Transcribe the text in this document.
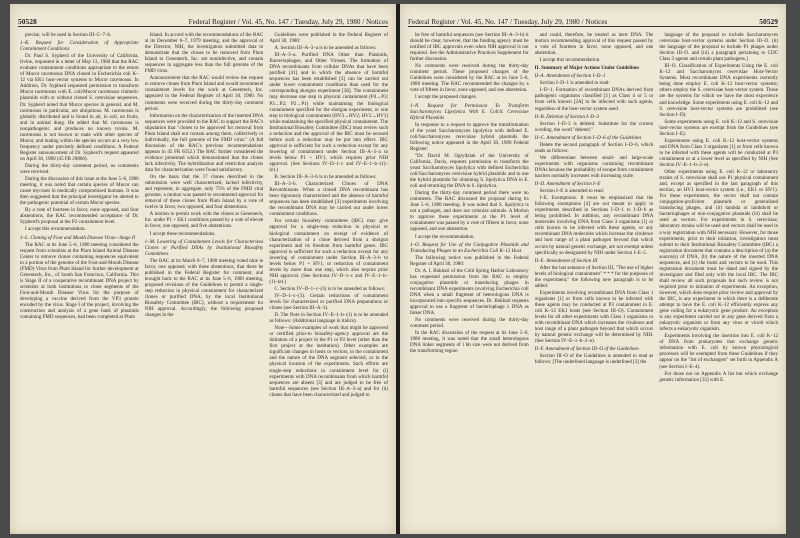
50528	Federal Register / Vol. 45, No. 147 / Tuesday, July 29, 1980 / Notices

precise, will be used in Section III–C–7–b.

1–K. Request for Consideration of Appropriate Containment Conditions

Dr. Paul S. Sypherd of the University of California, Irvine, requested in a letter of May 13, 1980 that the RAC evaluate containment conditions appropriate to the return of Mucor racemosus DNA cloned in Escherichia coli K–12 via EK1 host-vector systems to Mucor racemosus. In Addition, Dr. Sypherd requested permission to transform Mucor racemosus with E. coli/Mucor racemosus chimeric plasmids with or without cloned S. cerevisiae sequences. Dr. Sypherd noted that Mucor species in general, and M. racemosus in particular, are ubiquitous. M. racemosus is globally distributed and is found in air, in soil, on fruits, and in animal dung. He added that M. racemosus is nonpathogenic and produces no known toxins. M. racemosus is not known to mate with other species of Mucor, and mating within the species occurs at a very low frequency under precisely defined conditions. A Federal Register announcement of Dr. Sypherd's request appeared on April 30, 1980 (45 FR 28866).

During the thirty-day comment period, no comments were received.

During the discussion of this issue at the June 5–6, 1980 meeting, it was noted that certain species of Mucor can cause mycoses in medically compromised humans. It was then suggested that the principal investigator be alerted to the pathogenic potential of certain Mucor species.

By a vote of fourteen in favor, none opposed, and four abstentions, the RAC recommended acceptance of Dr. Sypherd's proposal at the P2 containment level.

I accept this recommendation.

1–L. Cloning of Foot and Mouth Disease Virus—Stage II

The RAC at its June 5–6, 1980 meeting considered the request from scientists at the Plum Island Animal Disease Center to remove clones containing sequences equivalent to a portion of the genome of the Foot-and-Mouth Disease (FMD) Virus from Plum Island for further development at Genentech, Inc., of South San Francisco, California. This is Stage II of a cooperative recombinant DNA project by scientists at both institutions to clone segments of the Foot-and-Mouth Disease Virus for the purpose of developing a vaccine derived from the VP3 protein encoded by the virus. Stage I of the project, involving the construction and analysis of a gene bank of plasmids containing FMD sequences, had been completed at Plum

Island. In accord with the recommendations of the RAC at its December 6–7, 1979 meeting, and the approval of the Director, NIH, the investigators submitted data to demonstrate that the clones to be removed from Plum Island to Genentech, Inc. are noninfective, and contain sequences in aggregate less than the full genome of the FMD virus.

Announcement that the RAC would review the request to remove clones from Plum Island and would recommend containment levels for the work at Genentech, Inc. appeared in the Federal Register of April 30, 1980. No comments were received during the thirty-day comment period.

Information on the characterization of the inserted DNA sequences were provided to the RAC to support the RAC's stipulation that "clones to be approved for removal from Plum Island shall not contain among them, collectively or individually, the full genome of the FMD virus." (A full discussion of the RAC's previous recommendations appears in 45 FR 6552.) The RAC further considered the evidence presented which demonstrated that the clones lack infectivity. The hybridization and restriction analysis data for characterization were found satisfactory.

On the basis that the 17 clones described in the submission were well characterized, lacked infectivity, and represent, in aggregate, only 75% of the FMD viral genome, a motion was passed to recommend approval for removal of these clones from Plum Island by a vote of twelve in favor, two opposed, and four abstentions.

A motion to permit work with the clones at Genentech, Inc. under P1 + EK1 conditions passed by a vote of eleven in favor, one opposed, and five abstentions.

I accept these recommendations.

1–M. Lowering of Containment Levels for Characterized Clones or Purified DNAs by Institutional Biosafety Committees

The RAC at its March 6–7, 1980 meeting voted nine in favor, one opposed, with three abstentions, that there be published in the Federal Register for comment, and brought back to the RAC at its June 5–6, 1980 meeting, proposed revisions of the Guidelines to permit a single-step reduction in physical containment for characterized clones or purified DNA, by the local Institutional Biosafety Committee (IBC), without a requirement for NIH approval. Accordingly, the following proposed changes in the

Guidelines were published in the Federal Register of April 30, 1980:

A. Section III–A–3–a is to be amended as follows:

III–A–3–a. Purified DNA Other than Plasmids, Bacteriophages, and Other Viruses. The formation of DNA recombinants from cellular DNAs that have been purified [41] and in which the absence of harmful sequences has been established [3] can be carried out under lower containment conditions than used for the corresponding shotgun experiment [36]. The containment may decrease one step in physical containment (P4→P3; P3→P2; P2→P1) while maintaining the biological containment specified for the shotgun experiment, or one step in biological containment (HV3→HV2; HV2→HV1) while maintaining the specified physical containment. The Institutional Biosafety Committee (IBC) must review such a reduction and the approval of the IBC must be secured before such a reduction may be put into effect. IBC approval is sufficient for such a reduction except for any lowering of containment under Section III–A–3–a to levels below P1 + HV1, which requires prior NIH approval. (See Sections IV–D–1–c and IV–E–1–b–(1)–(e).)

B. Section III–A–3–b is to be amended as follows:

III–A–3–b. Characterized Clones of DNA Recombinants. When a cloned DNA recombinant has been rigorously characterized and the absence of harmful sequences has been established [3] experiments involving the recombinant DNA may be carried out under lower containment conditions.

For certain biosafety committees (IBC) may give approval for a single-step reduction in physical or biological containment on receipt of evidence of characterization of a clone derived from a shotgun experiment and its freedom from harmful genes. IBC approval is sufficient for such a reduction except for any lowering of containment under Section III–A–3–b to levels below P1 + HV1, or reduction of containment levels by more than one step, which also require prior NIH approval. (See Sections IV–D–1–c and IV–E–1–b–(1)–(e).)

C. Section IV–D–1–c–(3) is to be amended as follows:

IV–D–1–c–(3). Certain reductions of containment levels for characterized or purified DNA preparations or clones (see Section III–A–3).

D. The Note in Section IV–E–1–b–(1) is to be amended as follows: (Additional language in italics).

Note—Some examples of work that might be approved or certified prior-to biosafety-agency approval are the initiation of a project in the P1 or P2 level (other than the first project at the institution). Other examples are significant changes in hosts or vectors, in the containment and the nature of the DNA segment selected, or in the physical location of the experiments. Such efforts are single-step reductions in containment level for (i) experiments with DNA recombinants from which harmful sequences are absent [3] and are judged to be free of harmful sequences (see Section III–A–3–a) and for (ii) clones that have been characterized and judged to

Federal Register / Vol. 45, No. 147 / Tuesday, July 29, 1980 / Notices	50529

be free of harmful sequences (see Section III–A–3–b) it should be clear, however, that the funding agency must be notified of IBC approvals even when NIH approval is not required. See the Administrative Practices Supplement for further discussion.

No comments were received during the thirty-day comment period. These proposed changes of the Guidelines were considered by the RAC at its June 5–6, 1980 meeting. The RAC recommended the changes by a vote of fifteen in favor, none opposed, and one abstention.

I accept the proposed changes.

1–N. Request for Permission To Transform Saccharomyces Lipolytica With E. Coli/S. Cerevisiae Hybrid Plasmids

In response to a request to approve the transformation of the yeast Saccharomyces lipolytica with defined E. coli/Saccharomyces cerevisiae hybrid plasmids the following notice appeared in the April 30, 1980 Federal Register:

"Dr. David M. Ogrydziak of the University of California, Davis, requests permission to transform the yeast Saccharomyces lipolytica with defined Escherichia coli/Saccharomyces cerevisiae hybrid plasmids and to use the hybrid plasmids for obtaining S. lipolytica DNA in E. coli and returning the DNA to S. lipolytica.

During the thirty-day comment period there were no comments. The RAC discussed the proposal during its June 5–6, 1980 meeting. It was noted that S. lipolytica is not a pathogen, and does not colonize animals. A Motion to approve these experiments at the P1 level of containment was passed by a vote of fifteen in favor, none opposed, and one abstention.

I accept the recommendation.

1–O. Request for Use of the Conjugative Plasmids and Transducing Phages in an Escherichia Coli K–12 Host.

The following notice was published in the Federal Register of April 30, 1980:

Dr. A. I. Bukhari of the Cold Spring Harbor Laboratory has requested permission from the RAC to employ conjugative plasmids or transducing phages in recombinant DNA experiments involving Escherichia coli DNA when a small fragment of heterologous DNA is incorporated into specific sequences. Dr. Bukhari requests approval to use a fragment of bacteriophage λ DNA as linker DNA.

No comments were received during the thirty-day comment period.

In the RAC discussion of the request at its June 5–6, 1980 meeting, it was noted that the small heterologous DNA linker segments of l kb size were not derived from the transforming region

and could, therefore, be treated as inert DNA. The motion recommending approval of this request passed by a vote of fourteen in favor, none opposed, and one abstention.

I accept this recommendation.

II. Summary of Major Actions Under Guidelines

II–A. Amendment of Section I–D–1

Section I–D–1 is amended to read:

I–D–1. Formation of recombinant DNAs derived from pathogenic organisms classified [1] as Class 4 or 5 or from cells known [2A] to be infected with such agents, regardless of the host-vector system used.

II–B. Deletion of Section I–D–3

Section I–D–3 is deleted. Substitute for the current wording, the word "deleted."

II–C. Amendment of Section I–D–6 of the Guidelines

Delete the second paragraph of Section I–D–6, which reads as follows:

We differentiate between small- and large-scale experiments with organisms containing recombinant DNAs because the probability of escape from containment barriers normally increases with increasing scale.

II–D. Amendment of Section I–E

Section I–E is amended to read:

I–E. Exemptions. It must be emphasized that the following exemptions [4] are not meant to apply to experiments described in Sections I–D–1 to I–D–6 as being prohibited. In addition, any recombinant DNA molecules involving DNA from Class 3 organisms [1] or cells known to be infected with these agents, or any recombinant DNA molecules which increase the virulence and host range of a plant pathogen beyond that which occurs by natural genetic exchange, are not exempt unless specifically so designated by NIH under Section I–E–5.

II–E. Amendment of Section III

After the last sentence of Section III, "The use of higher levels of biological containment" * * * for the purposes of the experiment," the following new paragraph is to be added:

Experiments involving recombinant DNA from Class 1 organisms [1] or from cells known to be infected with these agents may be conducted at P3 containment in E. coli K–12 EK1 hosts (see Section III–O). Containment levels for all other experiments with Class 1 organisms or with recombinant DNA which increases the virulence and host range of a plant pathogen beyond that which occurs by natural genetic exchange will be determined by NIH. (See Section IV–E–1–b–2–e).

II–F. Amendment of Section III–O of the Guidelines

Section III–O of the Guidelines is amended to read as follows: [The underlined language is underlined [3] the

language of the proposal to include Saccharomyces cerevisiae host-vector systems under Section III–O. (ii) the language of the proposal to include P1 phages under Section III–O. and (iii) a paragraph pertaining to CDC Class 3 agents and certain plant pathogens.]

III–O. Classification of Experiments Using the E. coli K–12 and Saccharomyces cerevisiae Host-Vector Systems. Most recombinant DNA experiments currently being done employ E. coli K–12 host-vector systems; others employ the S. cerevisiae host-vector system. These are the systems for which we have the most experience and knowledge. Some experiments using E. coli K–12 and S. cerevisiae host-vector systems are prohibited (see Section I–D).

Some experiments using E. coli K–12 and S. cerevisiae host-vector systems are exempt from the Guidelines (see Section I–E).

Experiments using E. coli K–12 host-vector systems and DNA from Class 3 organisms [1] or from cells known to be infected with these agents will be conducted at P3 containment or at a lower level as specified by NIH (See Section IV–E–1–b–2–e).

Other experiments using E. coli K–12 or laboratory strains of S. cerevisiae shall use P1 physical containment and, except as specified in the last paragraph of this section, an HV1 host-vector system (i.e., EK1 or HV1). For these experiments, the vector shall not contain conjugation-proficient plasmids or generalized transducing phages, and (ii) lambda or lambdoid or bacteriophages or non-conjugative plasmids (iii) shall be used as vectors. For experiments in S. cerevisiae, laboratory strains will be used and vectors shall be used in a way registration with NIH necessary. However, for those experiments, prior to their initiation, investigators must submit to their Institutional Biosafety Committee (IBC) a registration document that contains a description of (a) the source(s) of DNA, (b) the nature of the inserted DNA sequences, and (c) the hosts and vectors to be used. This registration document must be dated and signed by the investigator and filed only with the local IBC. The IBC shall review all such proposals but such review is not required prior to initiation of experiments. An exception, however, which does require prior review and approval by the IBC, is any experiment in which there is a deliberate attempt to have the E. coli K–12 efficiently express any gene coding for a eukaryotic gene product. An exception is any experiment carried out in any gene derived from a eukaryotic organism or from any virus or viroid which infects a eukaryotic organism.

Experiments involving the insertion into E. coli K–12 of DNA from prokaryotes that exchange genetic information with E. coli by known physiological processes will be exempted from these Guidelines if they appear on the "list of exchangers" set forth in Appendix A (see Section I–E–4).

For those not on Appendix A list but which exchange genetic information [35] with E.
